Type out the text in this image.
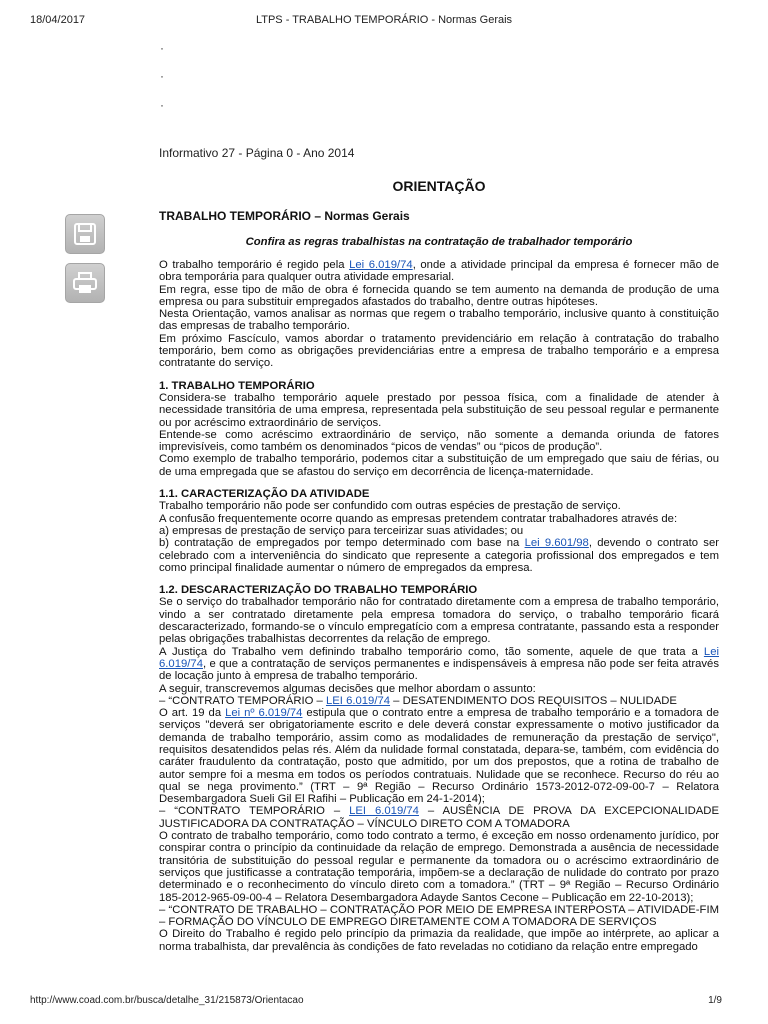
18/04/2017	LTPS - TRABALHO TEMPORÁRIO - Normas Gerais
·
·
·
Informativo 27 - Página 0 - Ano 2014
ORIENTAÇÃO
TRABALHO TEMPORÁRIO – Normas Gerais
Confira as regras trabalhistas na contratação de trabalhador temporário

O trabalho temporário é regido pela Lei 6.019/74, onde a atividade principal da empresa é fornecer mão de obra temporária para qualquer outra atividade empresarial.

Em regra, esse tipo de mão de obra é fornecida quando se tem aumento na demanda de produção de uma empresa ou para substituir empregados afastados do trabalho, dentre outras hipóteses.

Nesta Orientação, vamos analisar as normas que regem o trabalho temporário, inclusive quanto à constituição das empresas de trabalho temporário.

Em próximo Fascículo, vamos abordar o tratamento previdenciário em relação à contratação do trabalho temporário, bem como as obrigações previdenciárias entre a empresa de trabalho temporário e a empresa contratante do serviço.

1. TRABALHO TEMPORÁRIO

Considera-se trabalho temporário aquele prestado por pessoa física, com a finalidade de atender à necessidade transitória de uma empresa, representada pela substituição de seu pessoal regular e permanente ou por acréscimo extraordinário de serviços.

Entende-se como acréscimo extraordinário de serviço, não somente a demanda oriunda de fatores imprevisíveis, como também os denominados “picos de vendas” ou “picos de produção”.

Como exemplo de trabalho temporário, podemos citar a substituição de um empregado que saiu de férias, ou de uma empregada que se afastou do serviço em decorrência de licença-maternidade.

1.1. CARACTERIZAÇÃO DA ATIVIDADE

Trabalho temporário não pode ser confundido com outras espécies de prestação de serviço.

A confusão frequentemente ocorre quando as empresas pretendem contratar trabalhadores através de:

a) empresas de prestação de serviço para terceirizar suas atividades; ou

b) contratação de empregados por tempo determinado com base na Lei 9.601/98, devendo o contrato ser celebrado com a interveniência do sindicato que represente a categoria profissional dos empregados e tem como principal finalidade aumentar o número de empregados da empresa.

1.2. DESCARACTERIZAÇÃO DO TRABALHO TEMPORÁRIO

Se o serviço do trabalhador temporário não for contratado diretamente com a empresa de trabalho temporário, vindo a ser contratado diretamente pela empresa tomadora do serviço, o trabalho temporário ficará descaracterizado, formando-se o vínculo empregatício com a empresa contratante, passando esta a responder pelas obrigações trabalhistas decorrentes da relação de emprego.

A Justiça do Trabalho vem definindo trabalho temporário como, tão somente, aquele de que trata a Lei 6.019/74, e que a contratação de serviços permanentes e indispensáveis à empresa não pode ser feita através de locação junto à empresa de trabalho temporário.

A seguir, transcrevemos algumas decisões que melhor abordam o assunto:

– “CONTRATO TEMPORÁRIO – LEI 6.019/74 – DESATENDIMENTO DOS REQUISITOS – NULIDADE

O art. 19 da Lei nº 6.019/74 estipula que o contrato entre a empresa de trabalho temporário e a tomadora de serviços "deverá ser obrigatoriamente escrito e dele deverá constar expressamente o motivo justificador da demanda de trabalho temporário, assim como as modalidades de remuneração da prestação de serviço", requisitos desatendidos pelas rés. Além da nulidade formal constatada, depara-se, também, com evidência do caráter fraudulento da contratação, posto que admitido, por um dos prepostos, que a rotina de trabalho de autor sempre foi a mesma em todos os períodos contratuais. Nulidade que se reconhece. Recurso do réu ao qual se nega provimento.” (TRT – 9ª Região – Recurso Ordinário 1573-2012-072-09-00-7 – Relatora Desembargadora Sueli Gil El Rafihi – Publicação em 24-1-2014);

– “CONTRATO TEMPORÁRIO – LEI 6.019/74 – AUSÊNCIA DE PROVA DA EXCEPCIONALIDADE JUSTIFICADORA DA CONTRATAÇÃO – VÍNCULO DIRETO COM A TOMADORA

O contrato de trabalho temporário, como todo contrato a termo, é exceção em nosso ordenamento jurídico, por conspirar contra o princípio da continuidade da relação de emprego. Demonstrada a ausência de necessidade transitória de substituição do pessoal regular e permanente da tomadora ou o acréscimo extraordinário de serviços que justificasse a contratação temporária, impõem-se a declaração de nulidade do contrato por prazo determinado e o reconhecimento do vínculo direto com a tomadora.” (TRT – 9ª Região – Recurso Ordinário 185-2012-965-09-00-4 – Relatora Desembargadora Adayde Santos Cecone – Publicação em 22-10-2013);

– “CONTRATO DE TRABALHO – CONTRATAÇÃO POR MEIO DE EMPRESA INTERPOSTA – ATIVIDADE-FIM – FORMAÇÃO DO VÍNCULO DE EMPREGO DIRETAMENTE COM A TOMADORA DE SERVIÇOS

O Direito do Trabalho é regido pelo princípio da primazia da realidade, que impõe ao intérprete, ao aplicar a norma trabalhista, dar prevalência às condições de fato reveladas no cotidiano da relação entre empregado

http://www.coad.com.br/busca/detalhe_31/215873/Orientacao	1/9
